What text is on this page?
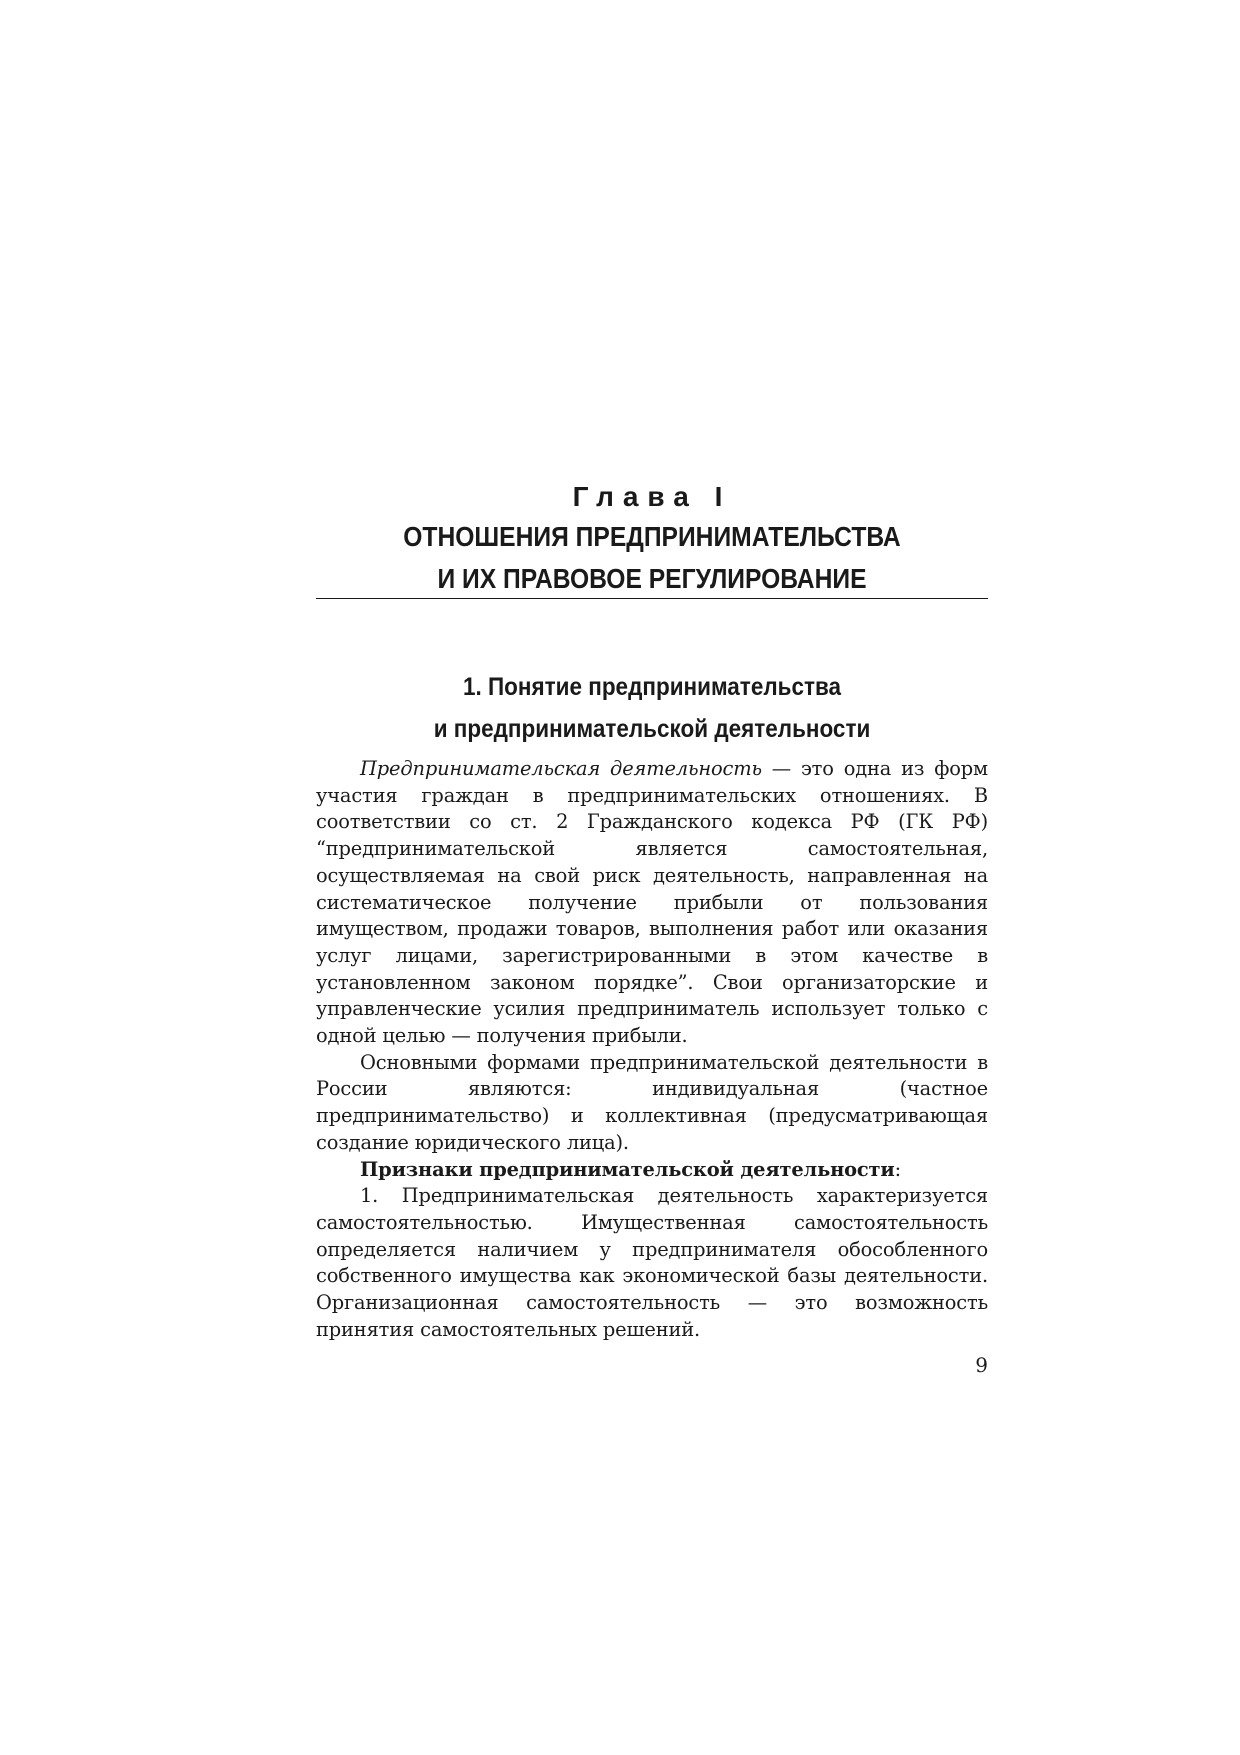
Глава I

ОТНОШЕНИЯ ПРЕДПРИНИМАТЕЛЬСТВА

И ИХ ПРАВОВОЕ РЕГУЛИРОВАНИЕ

1. Понятие предпринимательства
и предпринимательской деятельности

Предпринимательская деятельность — это одна из форм участия граждан в предпринимательских отношениях. В соответствии со ст. 2 Гражданского кодекса РФ (ГК РФ) “предпринимательской является самостоятельная, осуществляемая на свой риск деятельность, направленная на систематическое получение прибыли от пользования имуществом, продажи товаров, выполнения работ или оказания услуг лицами, зарегистрированными в этом качестве в установленном законом порядке”. Свои организаторские и управленческие усилия предприниматель использует только с одной целью — получения прибыли.

Основными формами предпринимательской деятельности в России являются: индивидуальная (частное предпринимательство) и коллективная (предусматривающая создание юридического лица).

Признаки предпринимательской деятельности:

1. Предпринимательская деятельность характеризуется самостоятельностью. Имущественная самостоятельность определяется наличием у предпринимателя обособленного собственного имущества как экономической базы деятельности. Организационная самостоятельность — это возможность принятия самостоятельных решений.

9
